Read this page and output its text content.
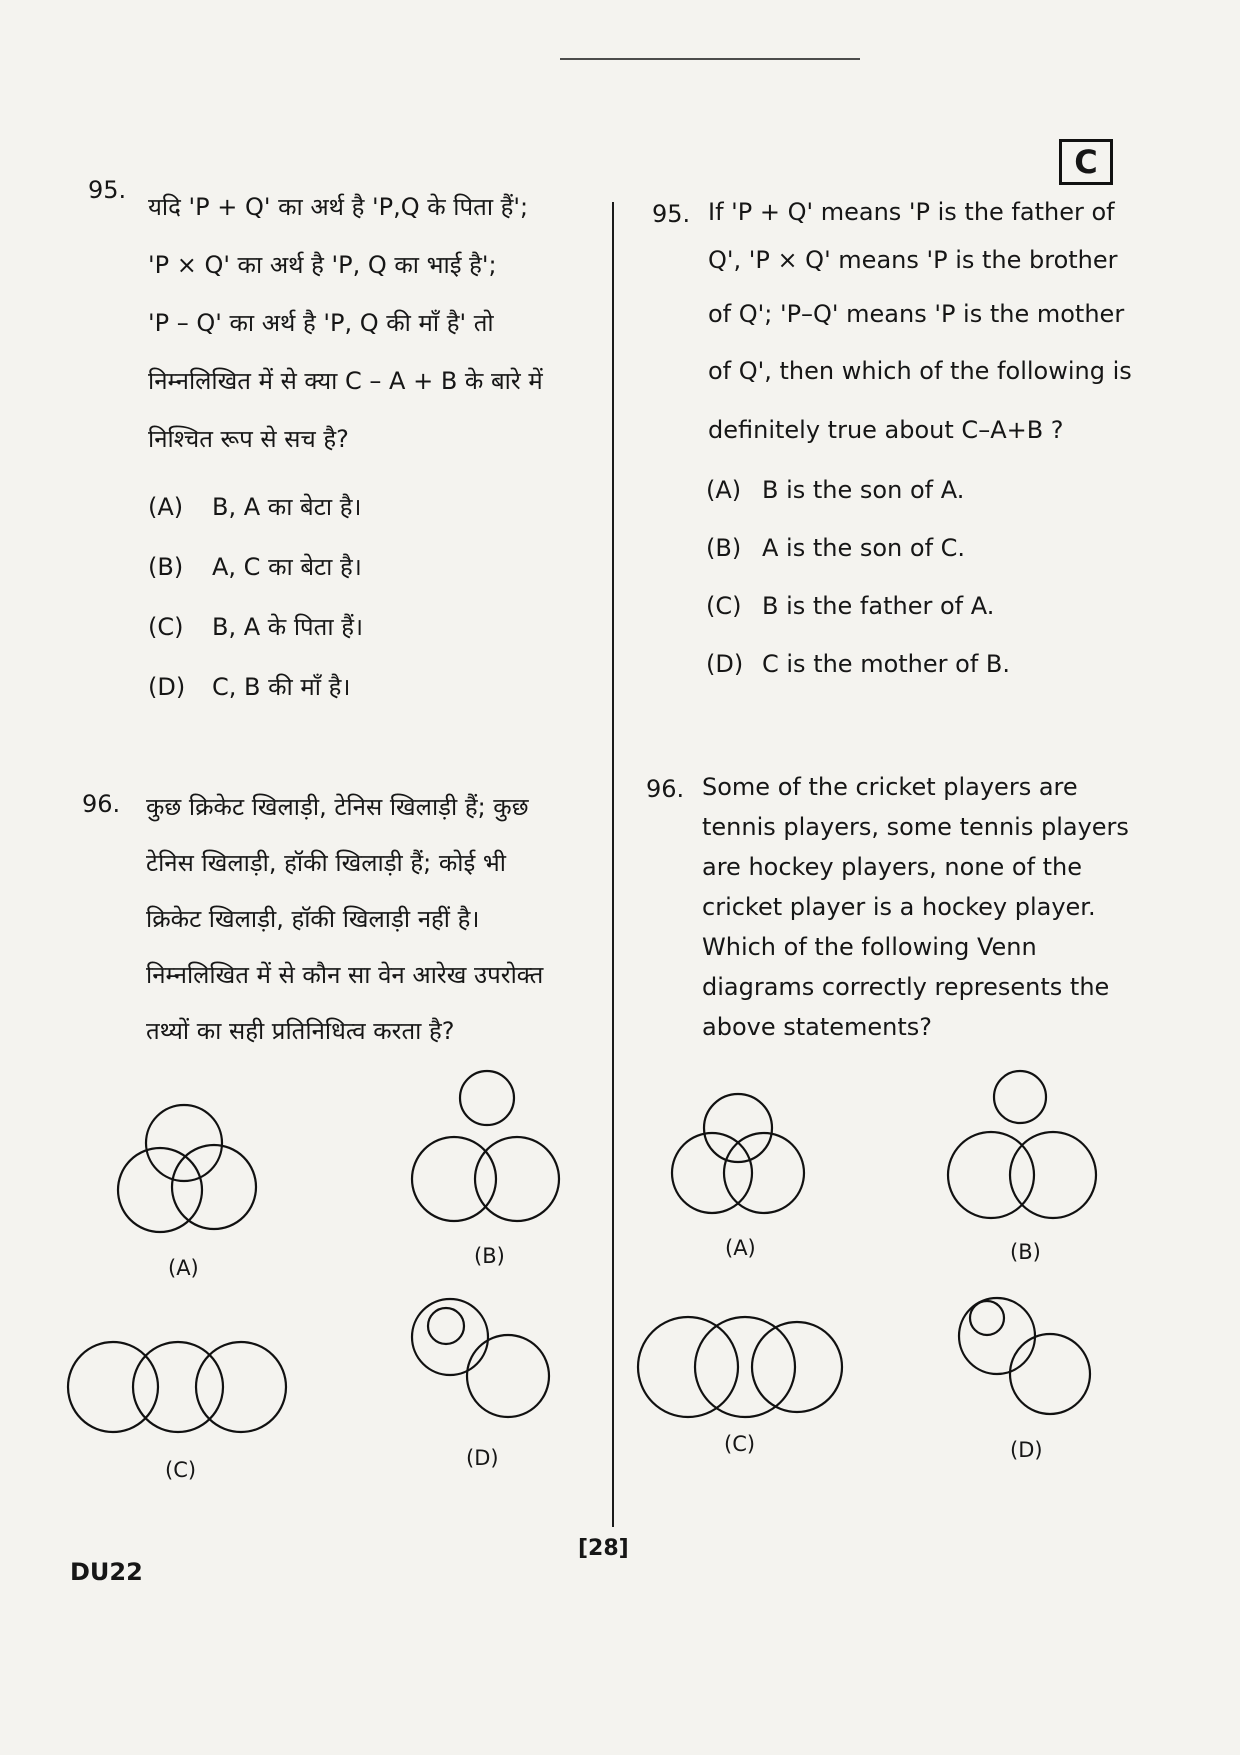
C
95.
यदि 'P + Q' का अर्थ है 'P,Q के पिता हैं';
'P × Q' का अर्थ है 'P, Q का भाई है';
'P – Q' का अर्थ है 'P, Q की माँ है' तो
निम्नलिखित में से क्या C – A + B के बारे में
निश्चित रूप से सच है?
(A) B, A का बेटा है।
(B) A, C का बेटा है।
(C) B, A के पिता हैं।
(D) C, B की माँ है।
95. If 'P + Q' means 'P is the father of
Q', 'P × Q' means 'P is the brother
of Q'; 'P–Q' means 'P is the mother
of Q', then which of the following is
definitely true about C–A+B ?
(A) B is the son of A.
(B) A is the son of C.
(C) B is the father of A.
(D) C is the mother of B.
96. कुछ क्रिकेट खिलाड़ी, टेनिस खिलाड़ी हैं; कुछ
टेनिस खिलाड़ी, हॉकी खिलाड़ी हैं; कोई भी
क्रिकेट खिलाड़ी, हॉकी खिलाड़ी नहीं है।
निम्नलिखित में से कौन सा वेन आरेख उपरोक्त
तथ्यों का सही प्रतिनिधित्व करता है?
(A)	(B)
(C)	(D)
96. Some of the cricket players are
tennis players, some tennis players
are hockey players, none of the
cricket player is a hockey player.
Which of the following Venn
diagrams correctly represents the
above statements?
(A)	(B)
(C)	(D)
[28]
DU22
